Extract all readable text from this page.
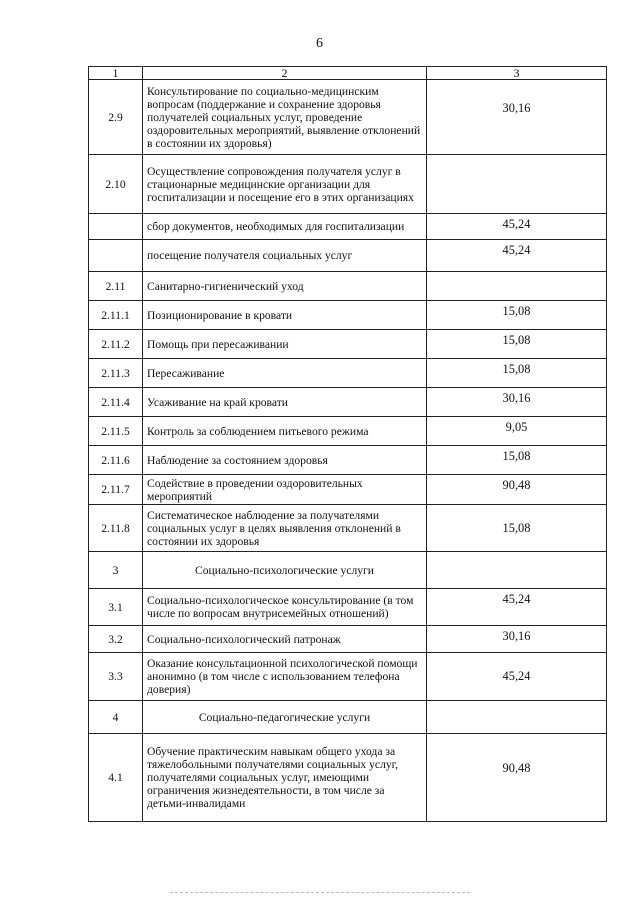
6
1	2	3
2.9	Консультирование по социально-медицинским вопросам (поддержание и сохранение здоровья получателей социальных услуг, проведение оздоровительных мероприятий, выявление отклонений в состоянии их здоровья)	30,16
2.10	Осуществление сопровождения получателя услуг в стационарные медицинские организации для госпитализации и посещение его в этих организациях	
	сбор документов, необходимых для госпитализации	45,24
	посещение получателя социальных услуг	45,24
2.11	Санитарно-гигиенический уход	
2.11.1	Позиционирование в кровати	15,08
2.11.2	Помощь при пересаживании	15,08
2.11.3	Пересаживание	15,08
2.11.4	Усаживание на край кровати	30,16
2.11.5	Контроль за соблюдением питьевого режима	9,05
2.11.6	Наблюдение за состоянием здоровья	15,08
2.11.7	Содействие в проведении оздоровительных мероприятий	90,48
2.11.8	Систематическое наблюдение за получателями социальных услуг в целях выявления отклонений в состоянии их здоровья	15,08
3	Социально-психологические услуги	
3.1	Социально-психологическое консультирование (в том числе по вопросам внутрисемейных отношений)	45,24
3.2	Социально-психологический патронаж	30,16
3.3	Оказание консультационной психологической помощи анонимно (в том числе с использованием телефона доверия)	45,24
4	Социально-педагогические услуги	
4.1	Обучение практическим навыкам общего ухода за тяжелобольными получателями социальных услуг, получателями социальных услуг, имеющими ограничения жизнедеятельности, в том числе за детьми-инвалидами	90,48
